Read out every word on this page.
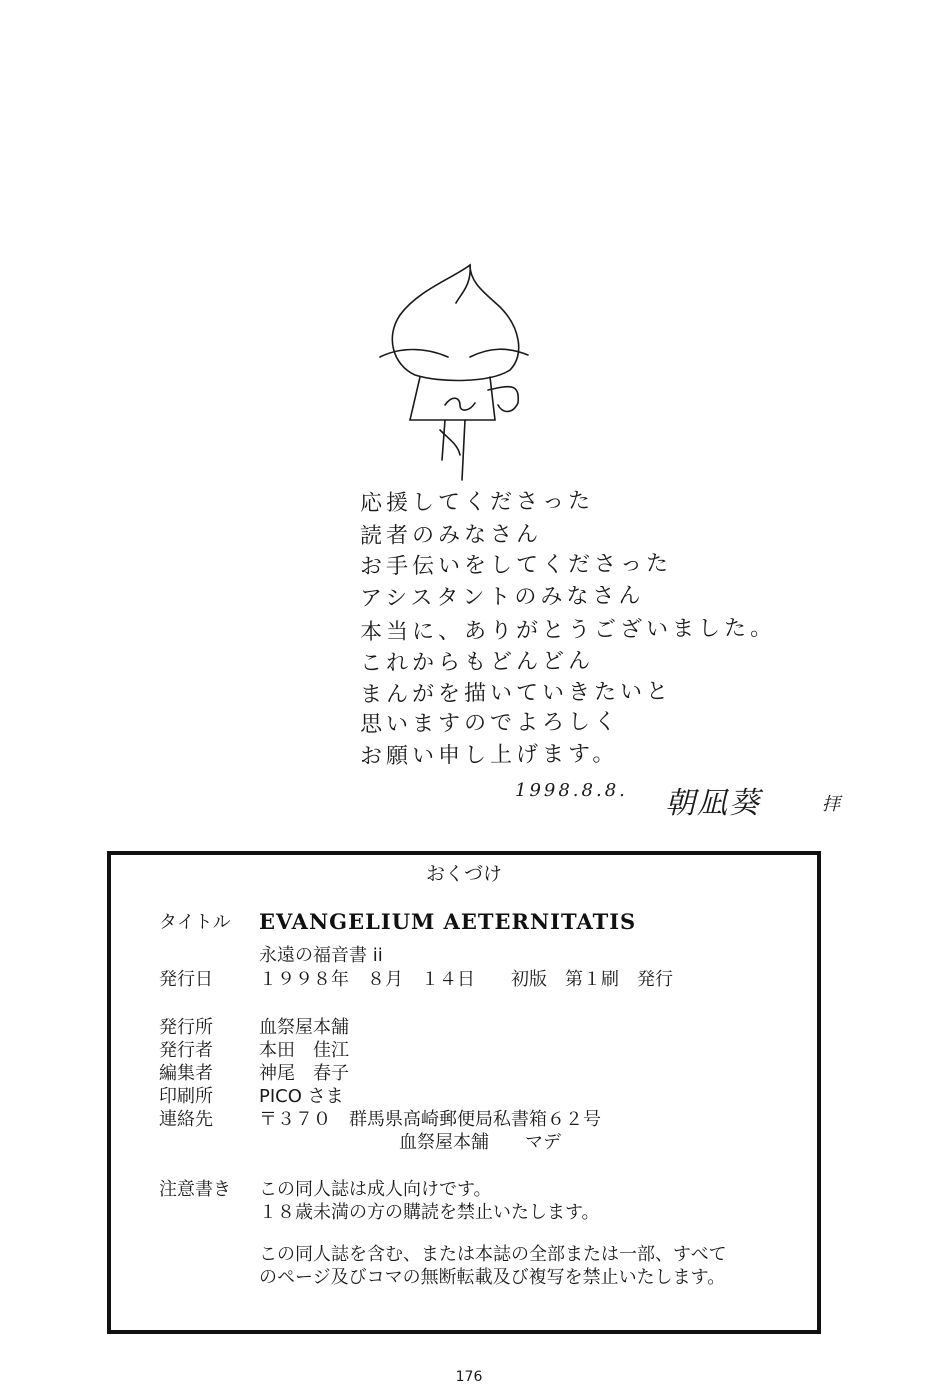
応援してくださった
読者のみなさん
お手伝いをしてくださった
アシスタントのみなさん
本当に、ありがとうございました。
これからもどんどん
まんがを描いていきたいと
思いますのでよろしく
お願い申し上げます。
1998.8.8. 朝凪葵	拝
おくづけ
タイトル EVANGELIUM AETERNITATIS
永遠の福音書 ii
発行日	１９９８年　８月　１４日　　初版　第１刷　発行
発行所	血祭屋本舗
発行者	本田　佳江
編集者	神尾　春子
印刷所	PICO さま
連絡先	〒３７０　群馬県高崎郵便局私書箱６２号
血祭屋本舗　　マデ
注意書き この同人誌は成人向けです。
１８歳未満の方の購読を禁止いたします。
この同人誌を含む、または本誌の全部または一部、すべて
のページ及びコマの無断転載及び複写を禁止いたします。
176
